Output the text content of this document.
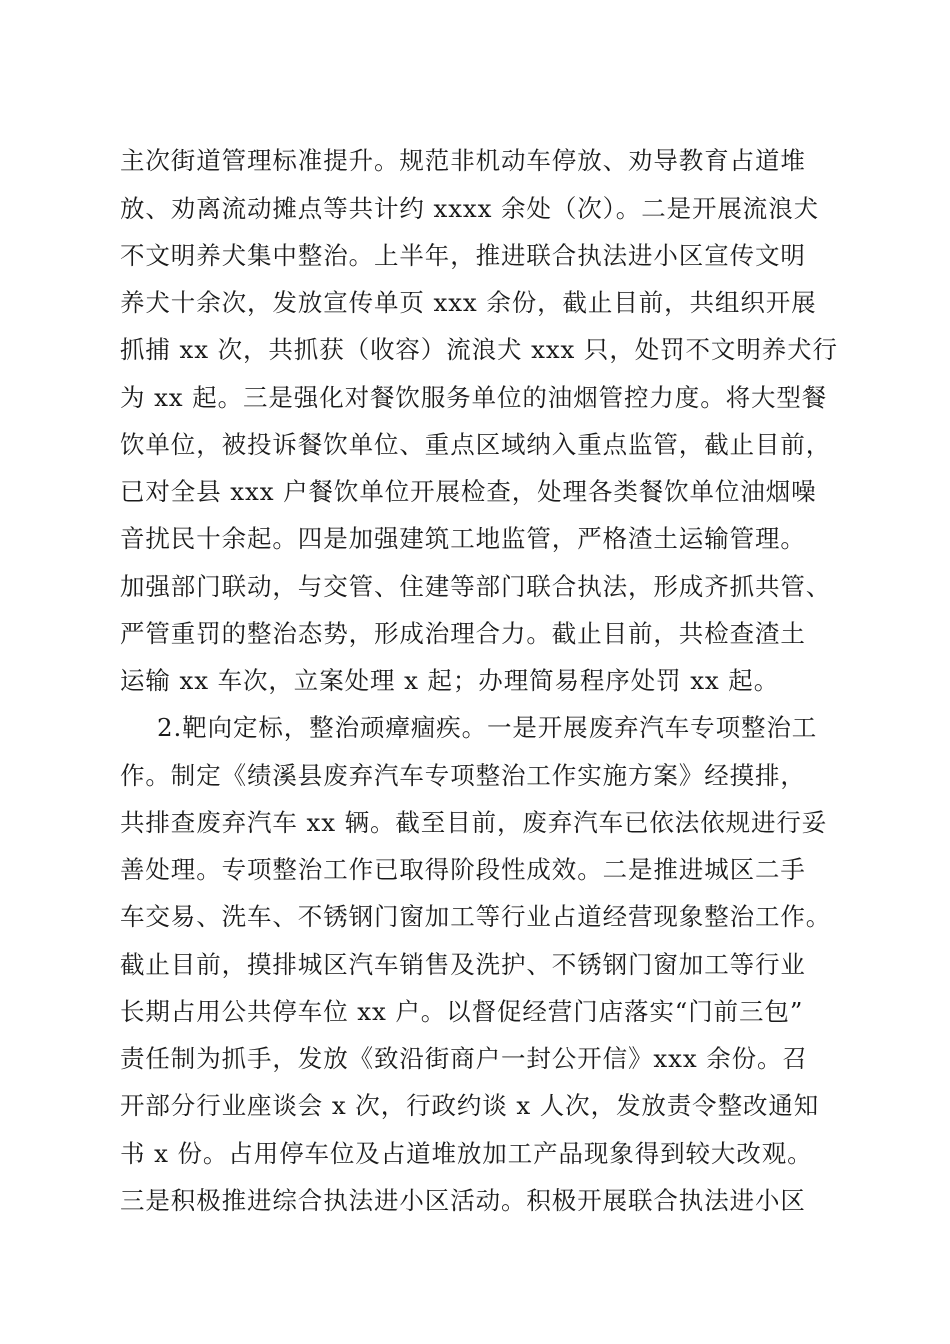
主次街道管理标准提升。规范非机动车停放、劝导教育占道堆
放、劝离流动摊点等共计约 xxxx 余处（次）。二是开展流浪犬
不文明养犬集中整治。上半年，推进联合执法进小区宣传文明
养犬十余次，发放宣传单页 xxx 余份，截止目前，共组织开展
抓捕 xx 次，共抓获（收容）流浪犬 xxx 只，处罚不文明养犬行
为 xx 起。三是强化对餐饮服务单位的油烟管控力度。将大型餐
饮单位，被投诉餐饮单位、重点区域纳入重点监管，截止目前，
已对全县 xxx 户餐饮单位开展检查，处理各类餐饮单位油烟噪
音扰民十余起。四是加强建筑工地监管，严格渣土运输管理。
加强部门联动，与交管、住建等部门联合执法，形成齐抓共管、
严管重罚的整治态势，形成治理合力。截止目前，共检查渣土
运输 xx 车次，立案处理 x 起；办理简易程序处罚 xx 起。
2.靶向定标，整治顽瘴痼疾。一是开展废弃汽车专项整治工
作。制定《绩溪县废弃汽车专项整治工作实施方案》经摸排，
共排查废弃汽车 xx 辆。截至目前，废弃汽车已依法依规进行妥
善处理。专项整治工作已取得阶段性成效。二是推进城区二手
车交易、洗车、不锈钢门窗加工等行业占道经营现象整治工作。
截止目前，摸排城区汽车销售及洗护、不锈钢门窗加工等行业
长期占用公共停车位 xx 户。以督促经营门店落实“门前三包”
责任制为抓手，发放《致沿街商户一封公开信》xxx 余份。召
开部分行业座谈会 x 次，行政约谈 x 人次，发放责令整改通知
书 x 份。占用停车位及占道堆放加工产品现象得到较大改观。
三是积极推进综合执法进小区活动。积极开展联合执法进小区
